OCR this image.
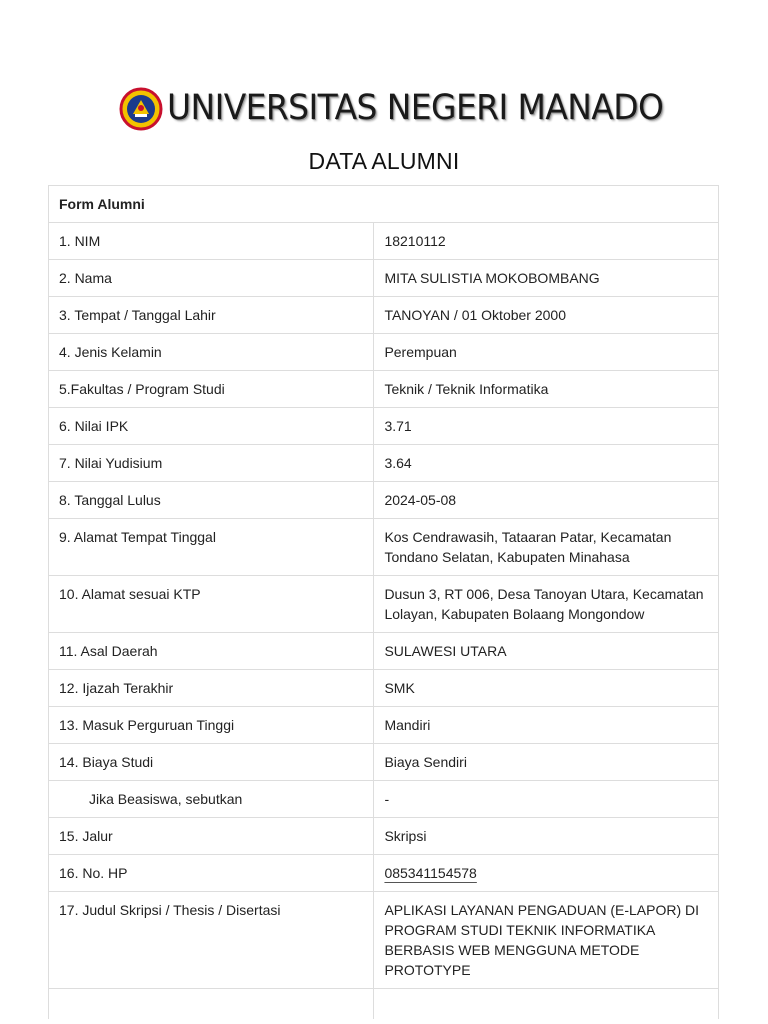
UNIVERSITAS NEGERI MANADO
DATA ALUMNI
Form Alumni	
1. NIM	18210112
2. Nama	MITA SULISTIA MOKOBOMBANG
3. Tempat / Tanggal Lahir	TANOYAN / 01 Oktober 2000
4. Jenis Kelamin	Perempuan
5.Fakultas / Program Studi	Teknik / Teknik Informatika
6. Nilai IPK	3.71
7. Nilai Yudisium	3.64
8. Tanggal Lulus	2024-05-08
9. Alamat Tempat Tinggal	Kos Cendrawasih, Tataaran Patar, Kecamatan Tondano Selatan, Kabupaten Minahasa
10. Alamat sesuai KTP	Dusun 3, RT 006, Desa Tanoyan Utara, Kecamatan Lolayan, Kabupaten Bolaang Mongondow
11. Asal Daerah	SULAWESI UTARA
12. Ijazah Terakhir	SMK
13. Masuk Perguruan Tinggi	Mandiri
14. Biaya Studi	Biaya Sendiri
Jika Beasiswa, sebutkan	-
15. Jalur	Skripsi
16. No. HP	085341154578
17. Judul Skripsi / Thesis / Disertasi	APLIKASI LAYANAN PENGADUAN (E-LAPOR) DI PROGRAM STUDI TEKNIK INFORMATIKA BERBASIS WEB MENGGUNA METODE PROTOTYPE
